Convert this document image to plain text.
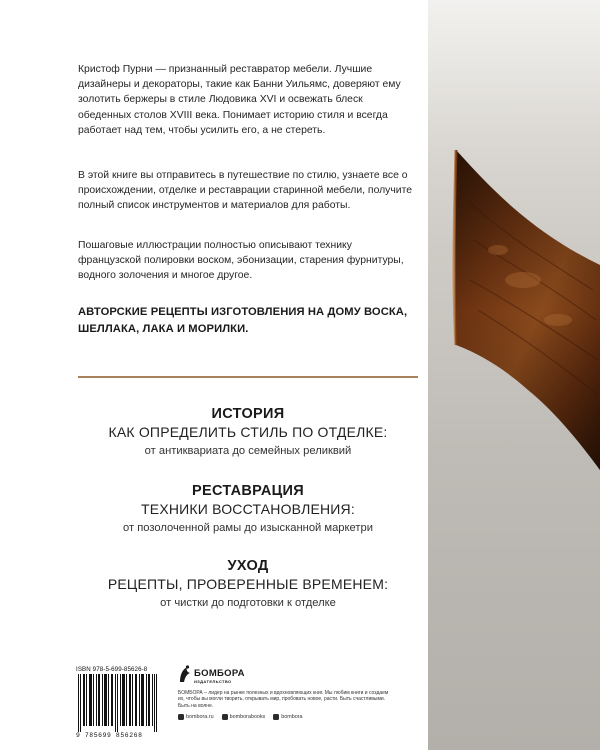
Кристоф Пурни — признанный реставратор мебели. Лучшие дизайнеры и декораторы, такие как Банни Уильямс, доверяют ему золотить бержеры в стиле Людовика XVI и освежать блеск обеденных столов XVIII века. Понимает историю стиля и всегда работает над тем, чтобы усилить его, а не стереть.

В этой книге вы отправитесь в путешествие по стилю, узнаете все о происхождении, отделке и реставрации старинной мебели, получите полный список инструментов и материалов для работы.

Пошаговые иллюстрации полностью описывают технику французской полировки воском, эбонизации, старения фурнитуры, водного золочения и многое другое.

АВТОРСКИЕ РЕЦЕПТЫ ИЗГОТОВЛЕНИЯ НА ДОМУ ВОСКА, ШЕЛЛАКА, ЛАКА И МОРИЛКИ.

ИСТОРИЯ
КАК ОПРЕДЕЛИТЬ СТИЛЬ ПО ОТДЕЛКЕ:
от антиквариата до семейных реликвий
РЕСТАВРАЦИЯ
ТЕХНИКИ ВОССТАНОВЛЕНИЯ:
от позолоченной рамы до изысканной маркетри
УХОД
РЕЦЕПТЫ, ПРОВЕРЕННЫЕ ВРЕМЕНЕМ:
от чистки до подготовки к отделке
ISBN 978-5-699-85626-8
9 785699 856268
БОМБОРА
ИЗДАТЕЛЬСТВО

БОМБОРА – лидер на рынке полезных и вдохновляющих книг. Мы любим книги и создаем их, чтобы вы могли творить, открывать мир, пробовать новое, расти. Быть счастливыми. Быть на волне.

bombora.ru	bomborabooks	bombora
